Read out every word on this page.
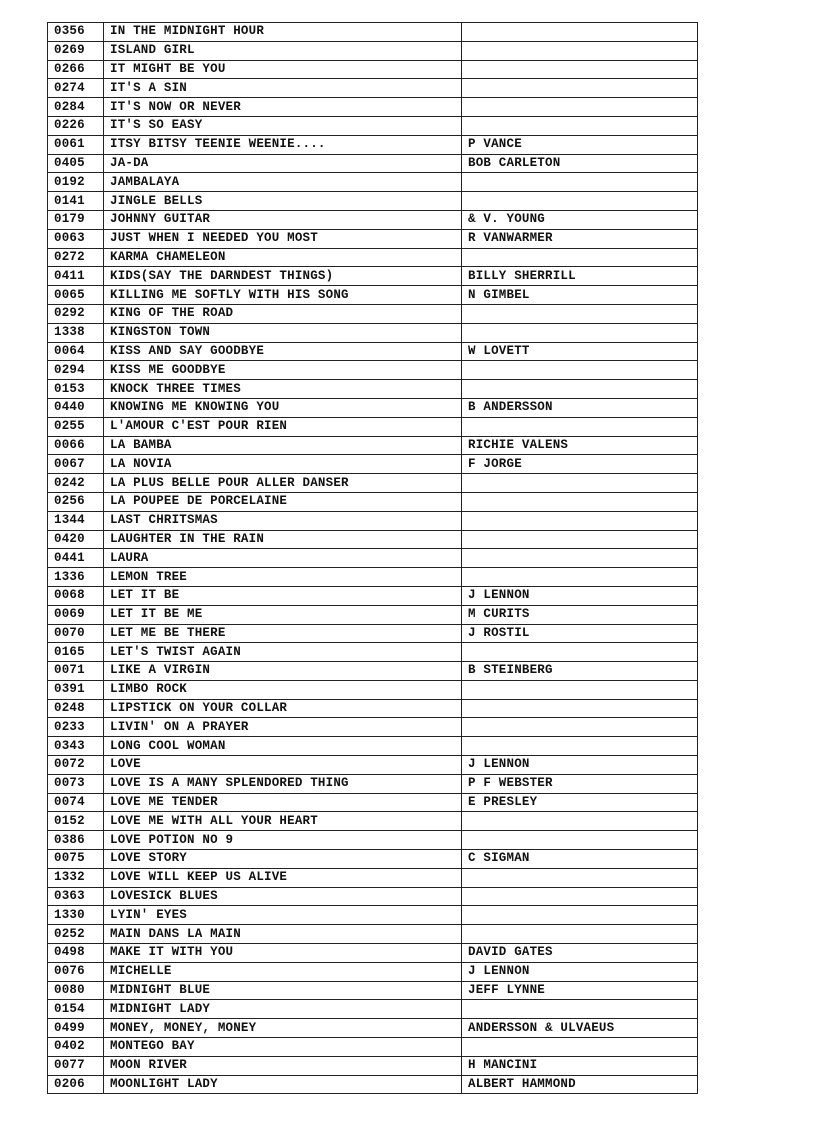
0356	IN THE MIDNIGHT HOUR	
0269	ISLAND GIRL	
0266	IT MIGHT BE YOU	
0274	IT'S A SIN	
0284	IT'S NOW OR NEVER	
0226	IT'S SO EASY	
0061	ITSY BITSY TEENIE WEENIE....	P VANCE
0405	JA-DA	BOB CARLETON
0192	JAMBALAYA	
0141	JINGLE BELLS	
0179	JOHNNY GUITAR	& V. YOUNG
0063	JUST WHEN I NEEDED YOU MOST	R VANWARMER
0272	KARMA CHAMELEON	
0411	KIDS(SAY THE DARNDEST THINGS)	BILLY SHERRILL
0065	KILLING ME SOFTLY WITH HIS SONG	N GIMBEL
0292	KING OF THE ROAD	
1338	KINGSTON TOWN	
0064	KISS AND SAY GOODBYE	W LOVETT
0294	KISS ME GOODBYE	
0153	KNOCK THREE TIMES	
0440	KNOWING ME KNOWING YOU	B ANDERSSON
0255	L'AMOUR C'EST POUR RIEN	
0066	LA BAMBA	RICHIE VALENS
0067	LA NOVIA	F JORGE
0242	LA PLUS BELLE POUR ALLER DANSER	
0256	LA POUPEE DE PORCELAINE	
1344	LAST CHRITSMAS	
0420	LAUGHTER IN THE RAIN	
0441	LAURA	
1336	LEMON TREE	
0068	LET IT BE	J LENNON
0069	LET IT BE ME	M CURITS
0070	LET ME BE THERE	J ROSTIL
0165	LET'S TWIST AGAIN	
0071	LIKE A VIRGIN	B STEINBERG
0391	LIMBO ROCK	
0248	LIPSTICK ON YOUR COLLAR	
0233	LIVIN' ON A PRAYER	
0343	LONG COOL WOMAN	
0072	LOVE	J LENNON
0073	LOVE IS A MANY SPLENDORED THING	P F WEBSTER
0074	LOVE ME TENDER	E PRESLEY
0152	LOVE ME WITH ALL YOUR HEART	
0386	LOVE POTION NO 9	
0075	LOVE STORY	C SIGMAN
1332	LOVE WILL KEEP US ALIVE	
0363	LOVESICK BLUES	
1330	LYIN' EYES	
0252	MAIN DANS LA MAIN	
0498	MAKE IT WITH YOU	DAVID GATES
0076	MICHELLE	J LENNON
0080	MIDNIGHT BLUE	JEFF LYNNE
0154	MIDNIGHT LADY	
0499	MONEY, MONEY, MONEY	ANDERSSON & ULVAEUS
0402	MONTEGO BAY	
0077	MOON RIVER	H MANCINI
0206	MOONLIGHT LADY	ALBERT HAMMOND
